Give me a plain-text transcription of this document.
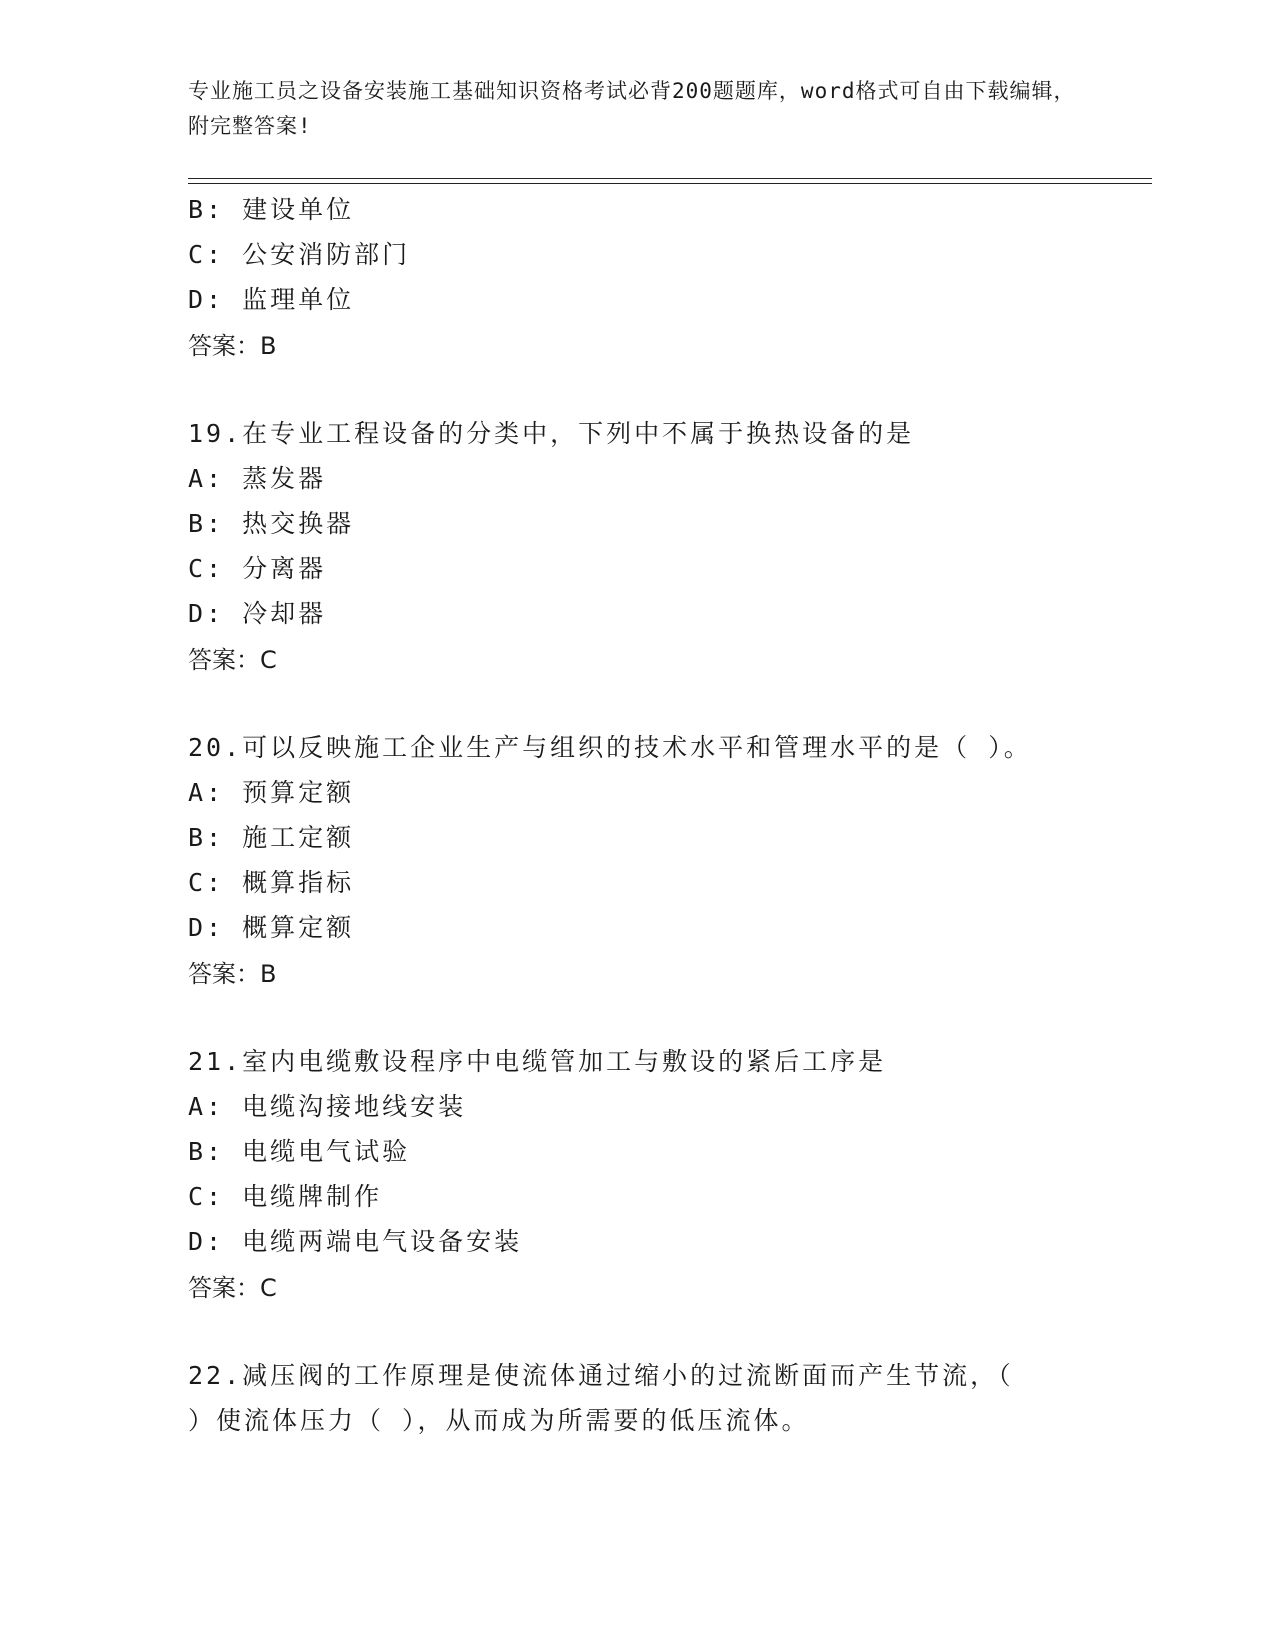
专业施工员之设备安装施工基础知识资格考试必背200题题库，word格式可自由下载编辑，附完整答案!
B: 建设单位
C: 公安消防部门
D: 监理单位
答案：B
19.在专业工程设备的分类中，下列中不属于换热设备的是
A: 蒸发器
B: 热交换器
C: 分离器
D: 冷却器
答案：C
20.可以反映施工企业生产与组织的技术水平和管理水平的是（ ）。
A: 预算定额
B: 施工定额
C: 概算指标
D: 概算定额
答案：B
21.室内电缆敷设程序中电缆管加工与敷设的紧后工序是
A: 电缆沟接地线安装
B: 电缆电气试验
C: 电缆牌制作
D: 电缆两端电气设备安装
答案：C
22.减压阀的工作原理是使流体通过缩小的过流断面而产生节流，（
）使流体压力（ ），从而成为所需要的低压流体。
